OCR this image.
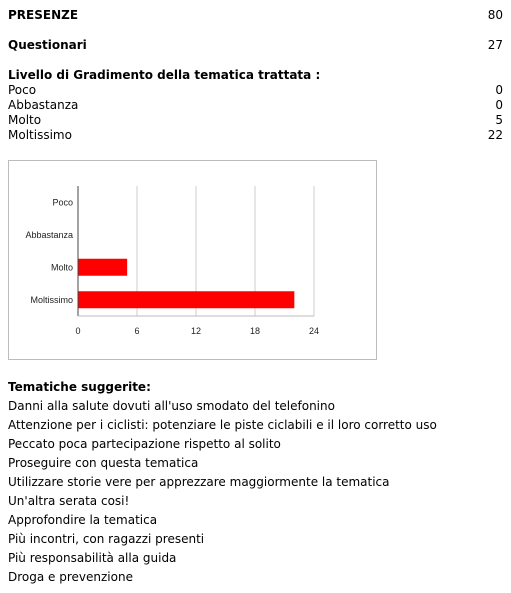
PRESENZE	80
Questionari	27
Livello di Gradimento della tematica trattata :
Poco	0
Abbastanza	0
Molto	5
Moltissimo	22
Poco
Abbastanza
Molto
Moltissimo
0	6	12	18	24
Tematiche suggerite:
Danni alla salute dovuti all'uso smodato del telefonino
Attenzione per i ciclisti: potenziare le piste ciclabili e il loro corretto uso
Peccato poca partecipazione rispetto al solito
Proseguire con questa tematica
Utilizzare storie vere per apprezzare maggiormente la tematica
Un'altra serata cosi!
Approfondire la tematica
Più incontri, con ragazzi presenti
Più responsabilità alla guida
Droga e prevenzione
